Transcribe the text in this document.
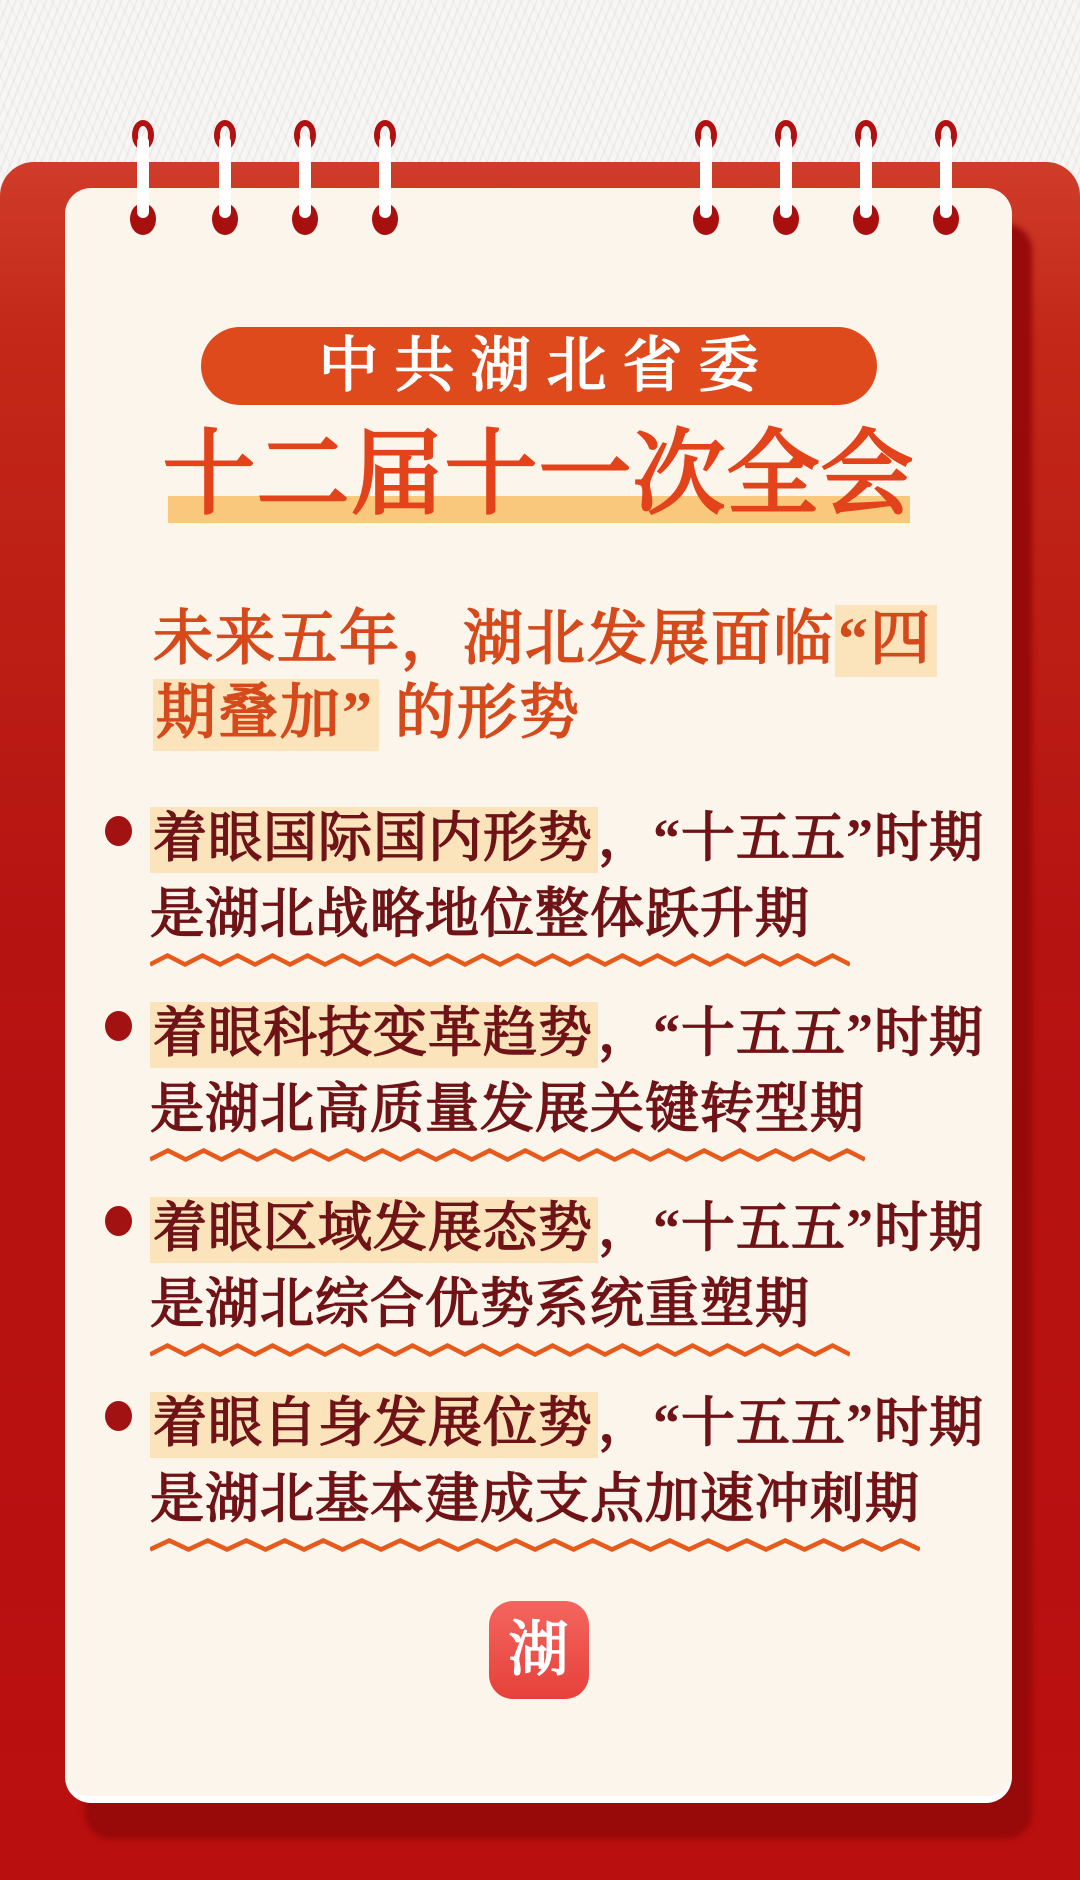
中共湖北省委
十二届十一次全会
未来五年，湖北发展面临“四
期叠加” 的形势
着眼国际国内形势，“十五五”时期
是湖北战略地位整体跃升期
着眼科技变革趋势，“十五五”时期
是湖北高质量发展关键转型期
着眼区域发展态势，“十五五”时期
是湖北综合优势系统重塑期
着眼自身发展位势，“十五五”时期
是湖北基本建成支点加速冲刺期
湖
